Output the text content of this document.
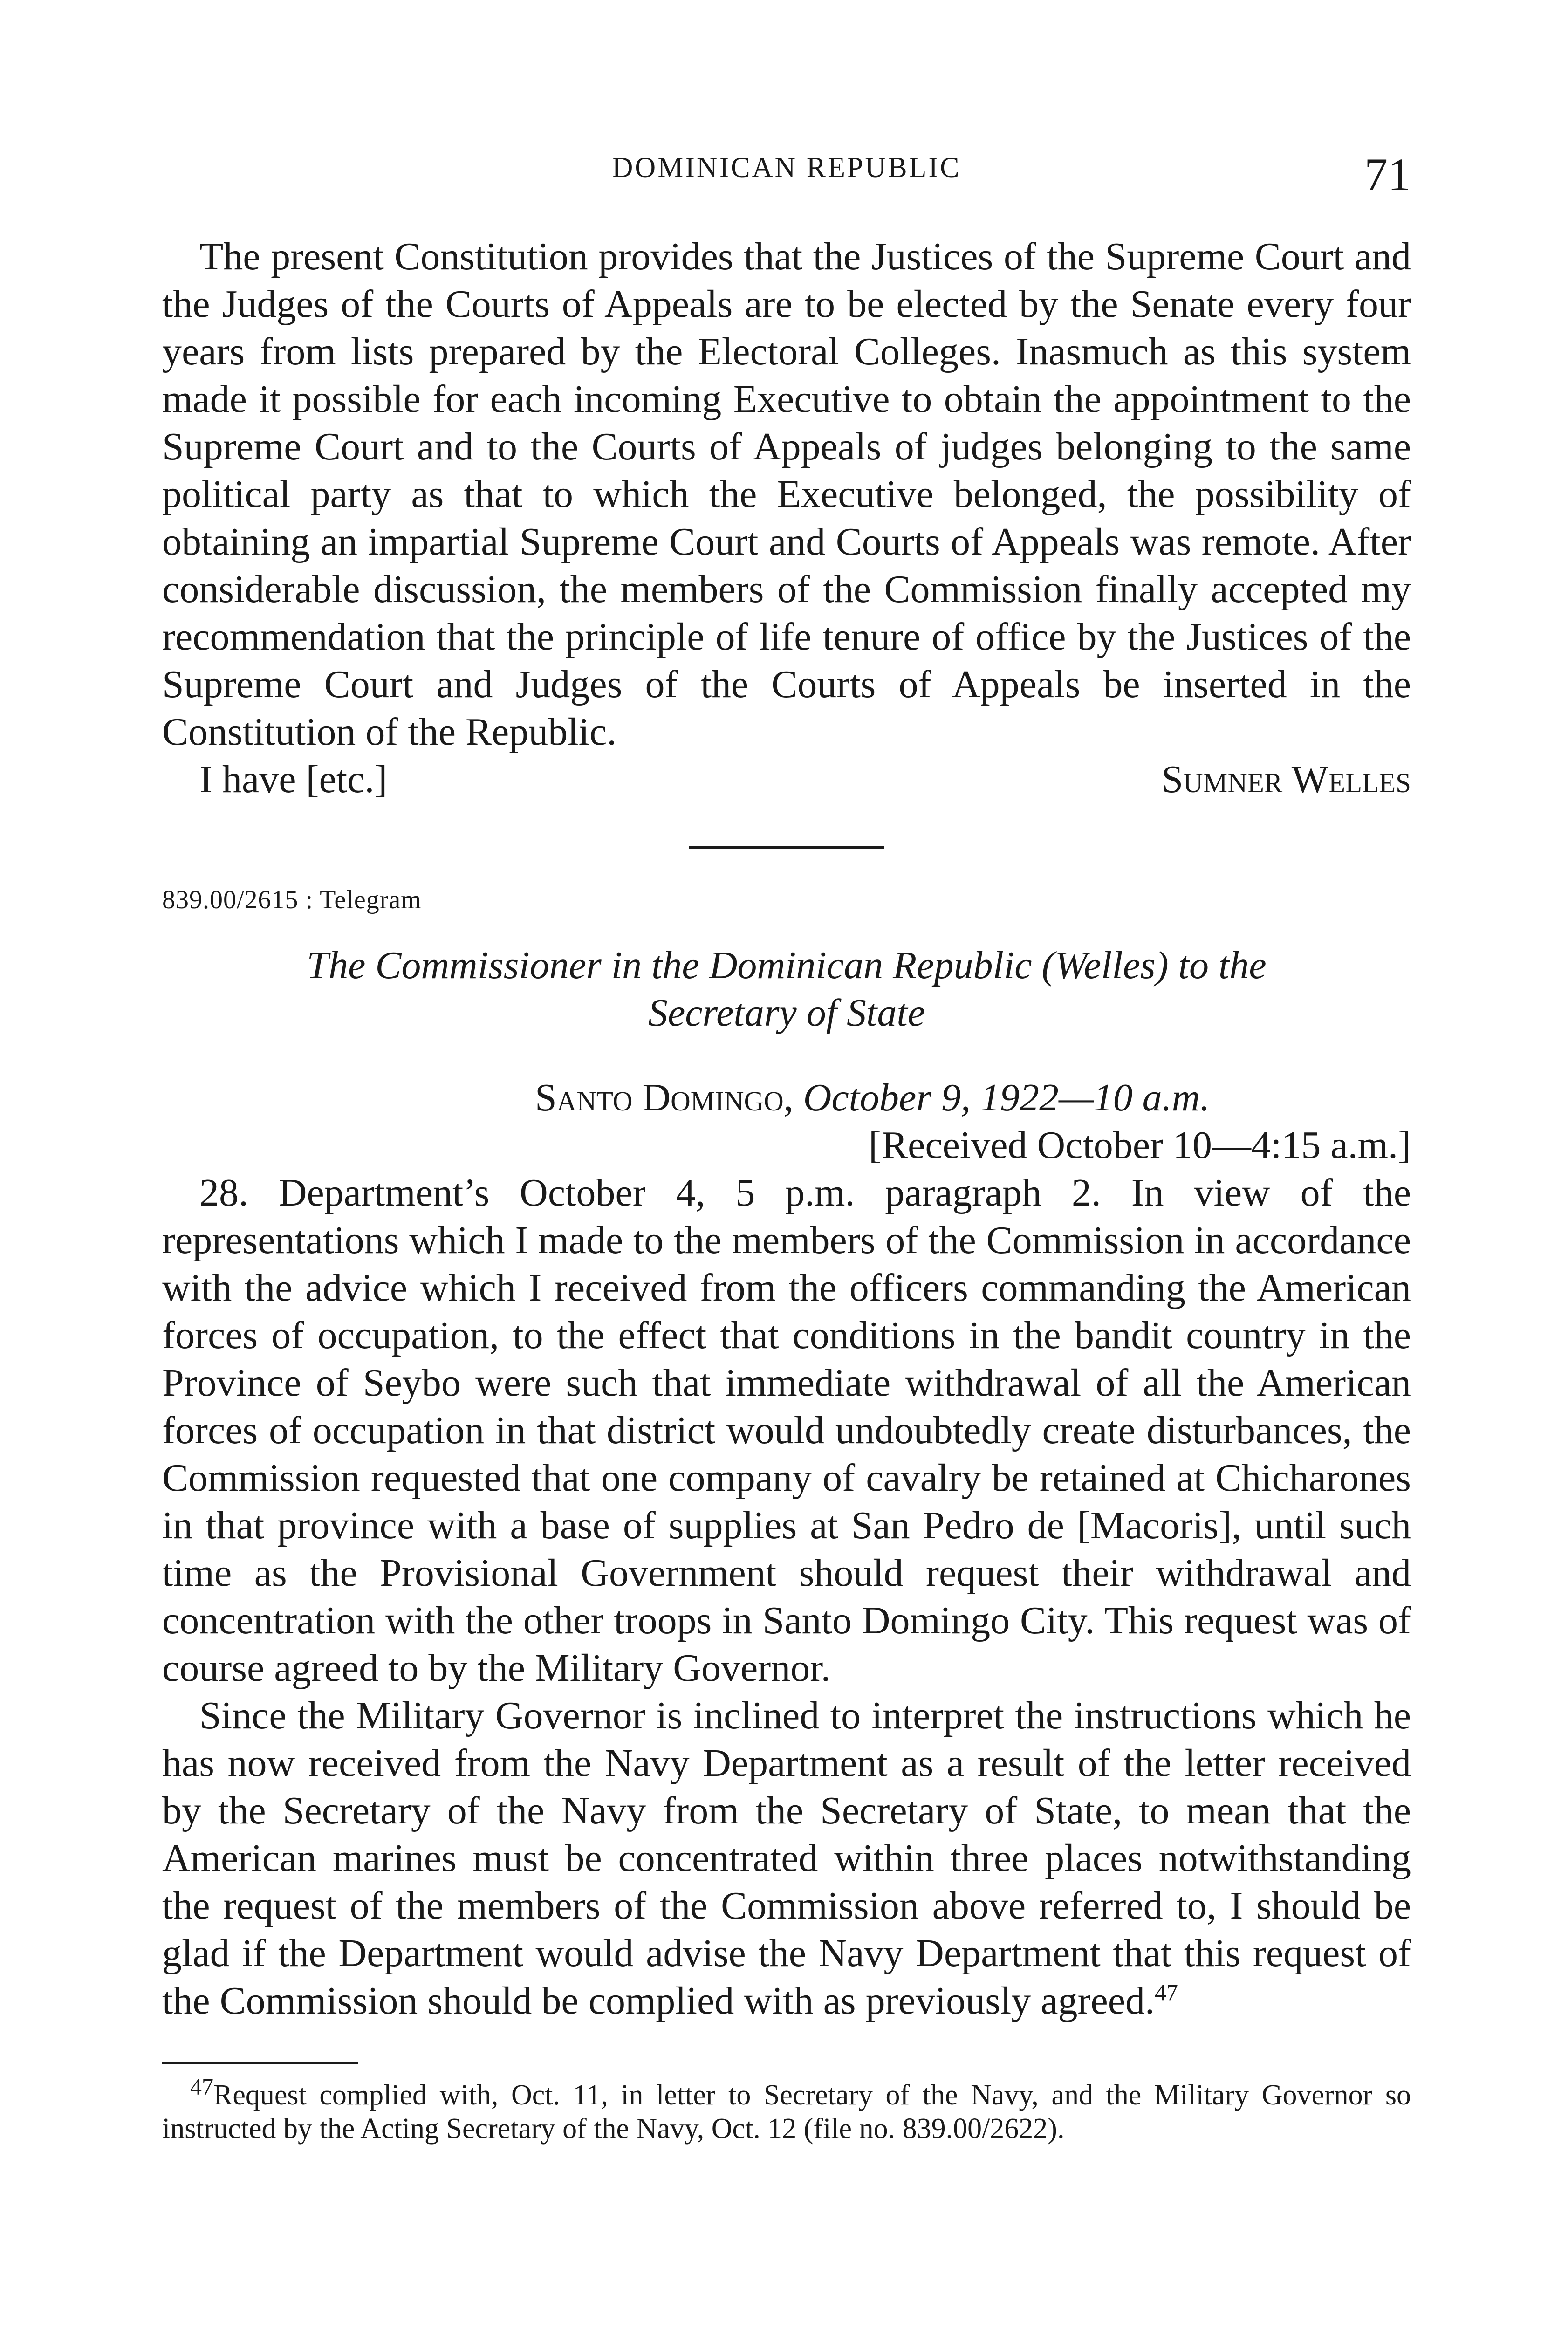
DOMINICAN REPUBLIC	71

The present Constitution provides that the Justices of the Supreme Court and the Judges of the Courts of Appeals are to be elected by the Senate every four years from lists prepared by the Electoral Colleges. Inasmuch as this system made it possible for each incoming Executive to obtain the appointment to the Supreme Court and to the Courts of Appeals of judges belonging to the same political party as that to which the Executive belonged, the possibility of obtaining an impartial Supreme Court and Courts of Appeals was remote. After considerable discussion, the members of the Commission finally accepted my recommendation that the principle of life tenure of office by the Justices of the Supreme Court and Judges of the Courts of Appeals be inserted in the Constitution of the Republic.

I have [etc.]	Sumner Welles
839.00/2615 : Telegram
The Commissioner in the Dominican Republic (Welles) to the
Secretary of State
Santo Domingo, October 9, 1922—10 a.m.
[Received October 10—4:15 a.m.]

28. Department’s October 4, 5 p.m. paragraph 2. In view of the representations which I made to the members of the Commission in accordance with the advice which I received from the officers commanding the American forces of occupation, to the effect that conditions in the bandit country in the Province of Seybo were such that immediate withdrawal of all the American forces of occupation in that district would undoubtedly create disturbances, the Commission requested that one company of cavalry be retained at Chicharones in that province with a base of supplies at San Pedro de [Macoris], until such time as the Provisional Government should request their withdrawal and concentration with the other troops in Santo Domingo City. This request was of course agreed to by the Military Governor.

Since the Military Governor is inclined to interpret the instructions which he has now received from the Navy Department as a result of the letter received by the Secretary of the Navy from the Secretary of State, to mean that the American marines must be concentrated within three places notwithstanding the request of the members of the Commission above referred to, I should be glad if the Department would advise the Navy Department that this request of the Commission should be complied with as previously agreed.$^{47}$

$^{47}$Request complied with, Oct. 11, in letter to Secretary of the Navy, and the Military Governor so instructed by the Acting Secretary of the Navy, Oct. 12 (file no. 839.00/2622).
